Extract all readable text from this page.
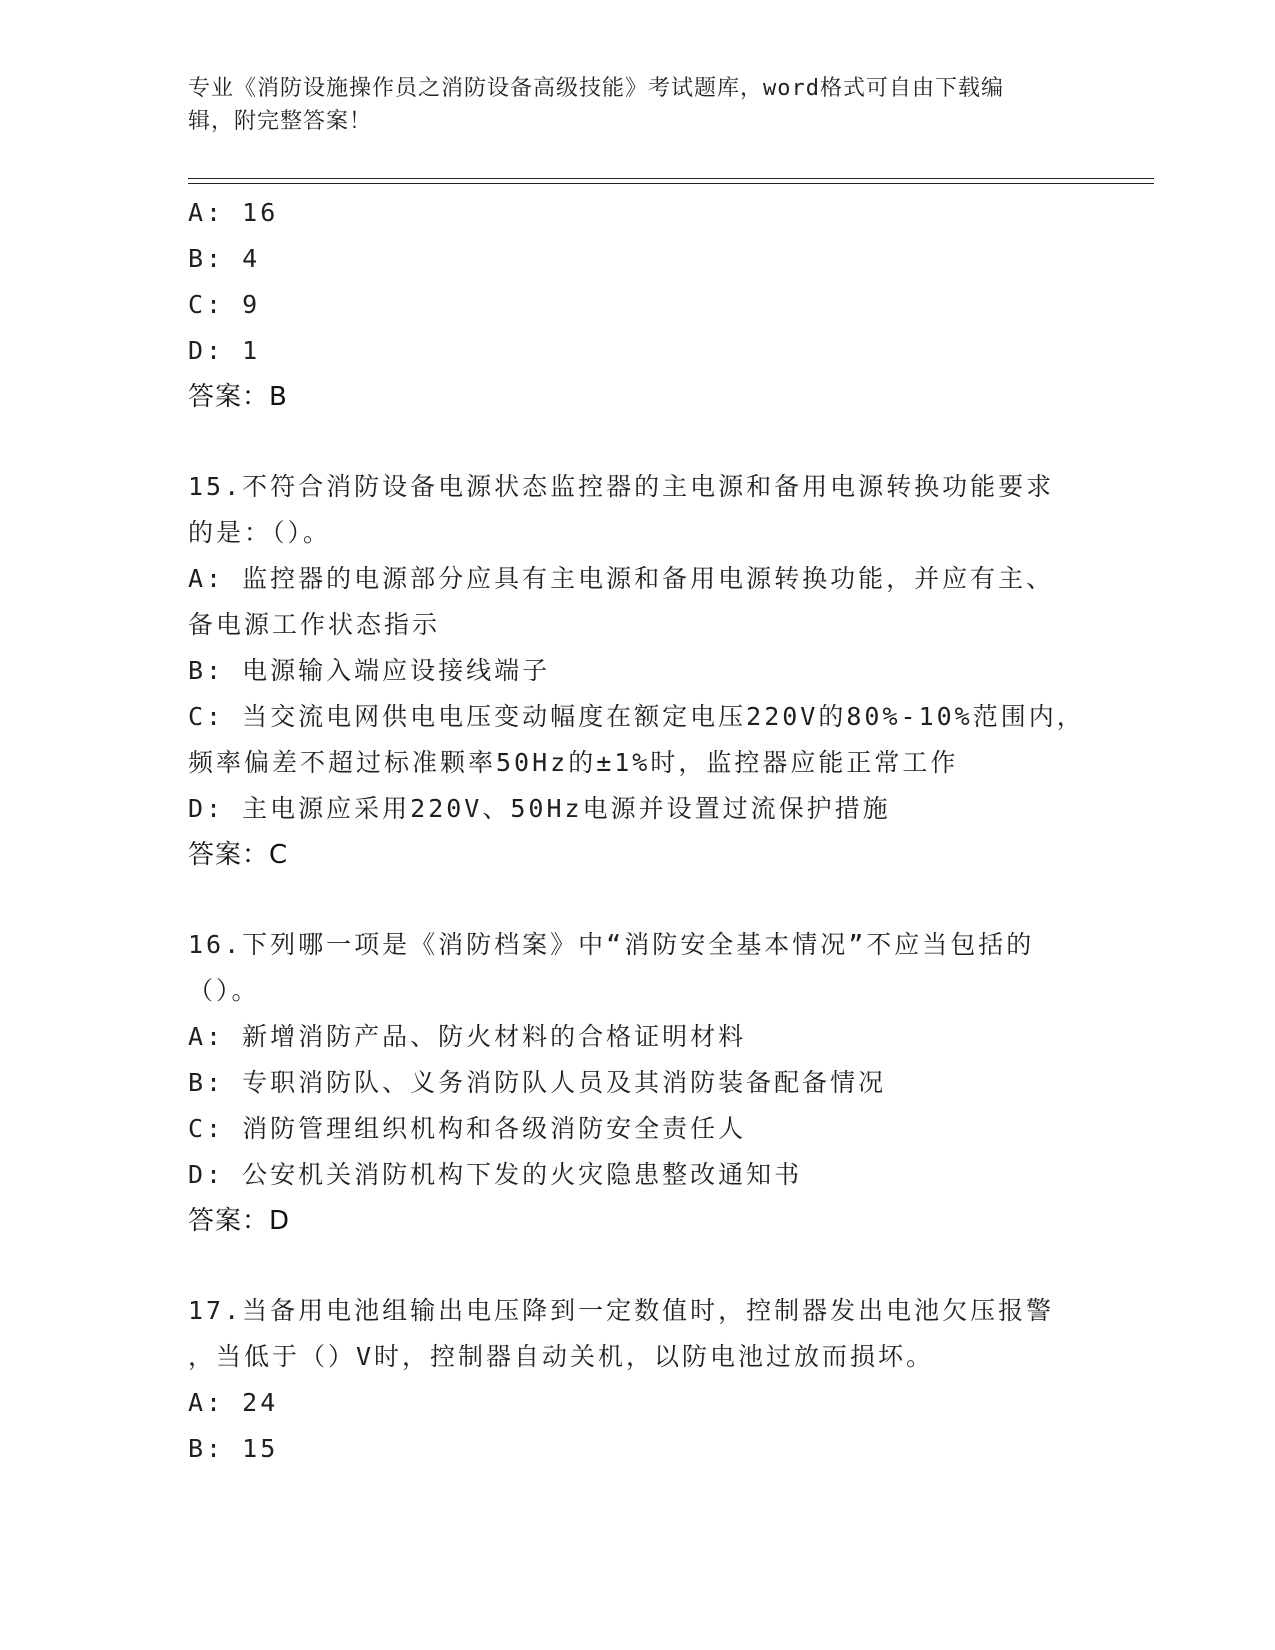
专业《消防设施操作员之消防设备高级技能》考试题库，word格式可自由下载编
辑，附完整答案！
A: 16
B: 4
C: 9
D: 1
答案：B
15.不符合消防设备电源状态监控器的主电源和备用电源转换功能要求
的是：（）。
A: 监控器的电源部分应具有主电源和备用电源转换功能，并应有主、
备电源工作状态指示
B: 电源输入端应设接线端子
C: 当交流电网供电电压变动幅度在额定电压220V的80%-10%范围内，
频率偏差不超过标准颗率50Hz的±1%时，监控器应能正常工作
D: 主电源应采用220V、50Hz电源并设置过流保护措施
答案：C
16.下列哪一项是《消防档案》中“消防安全基本情况”不应当包括的
（）。
A: 新增消防产品、防火材料的合格证明材料
B: 专职消防队、义务消防队人员及其消防装备配备情况
C: 消防管理组织机构和各级消防安全责任人
D: 公安机关消防机构下发的火灾隐患整改通知书
答案：D
17.当备用电池组输出电压降到一定数值时，控制器发出电池欠压报警
，当低于（）V时，控制器自动关机，以防电池过放而损坏。
A: 24
B: 15
